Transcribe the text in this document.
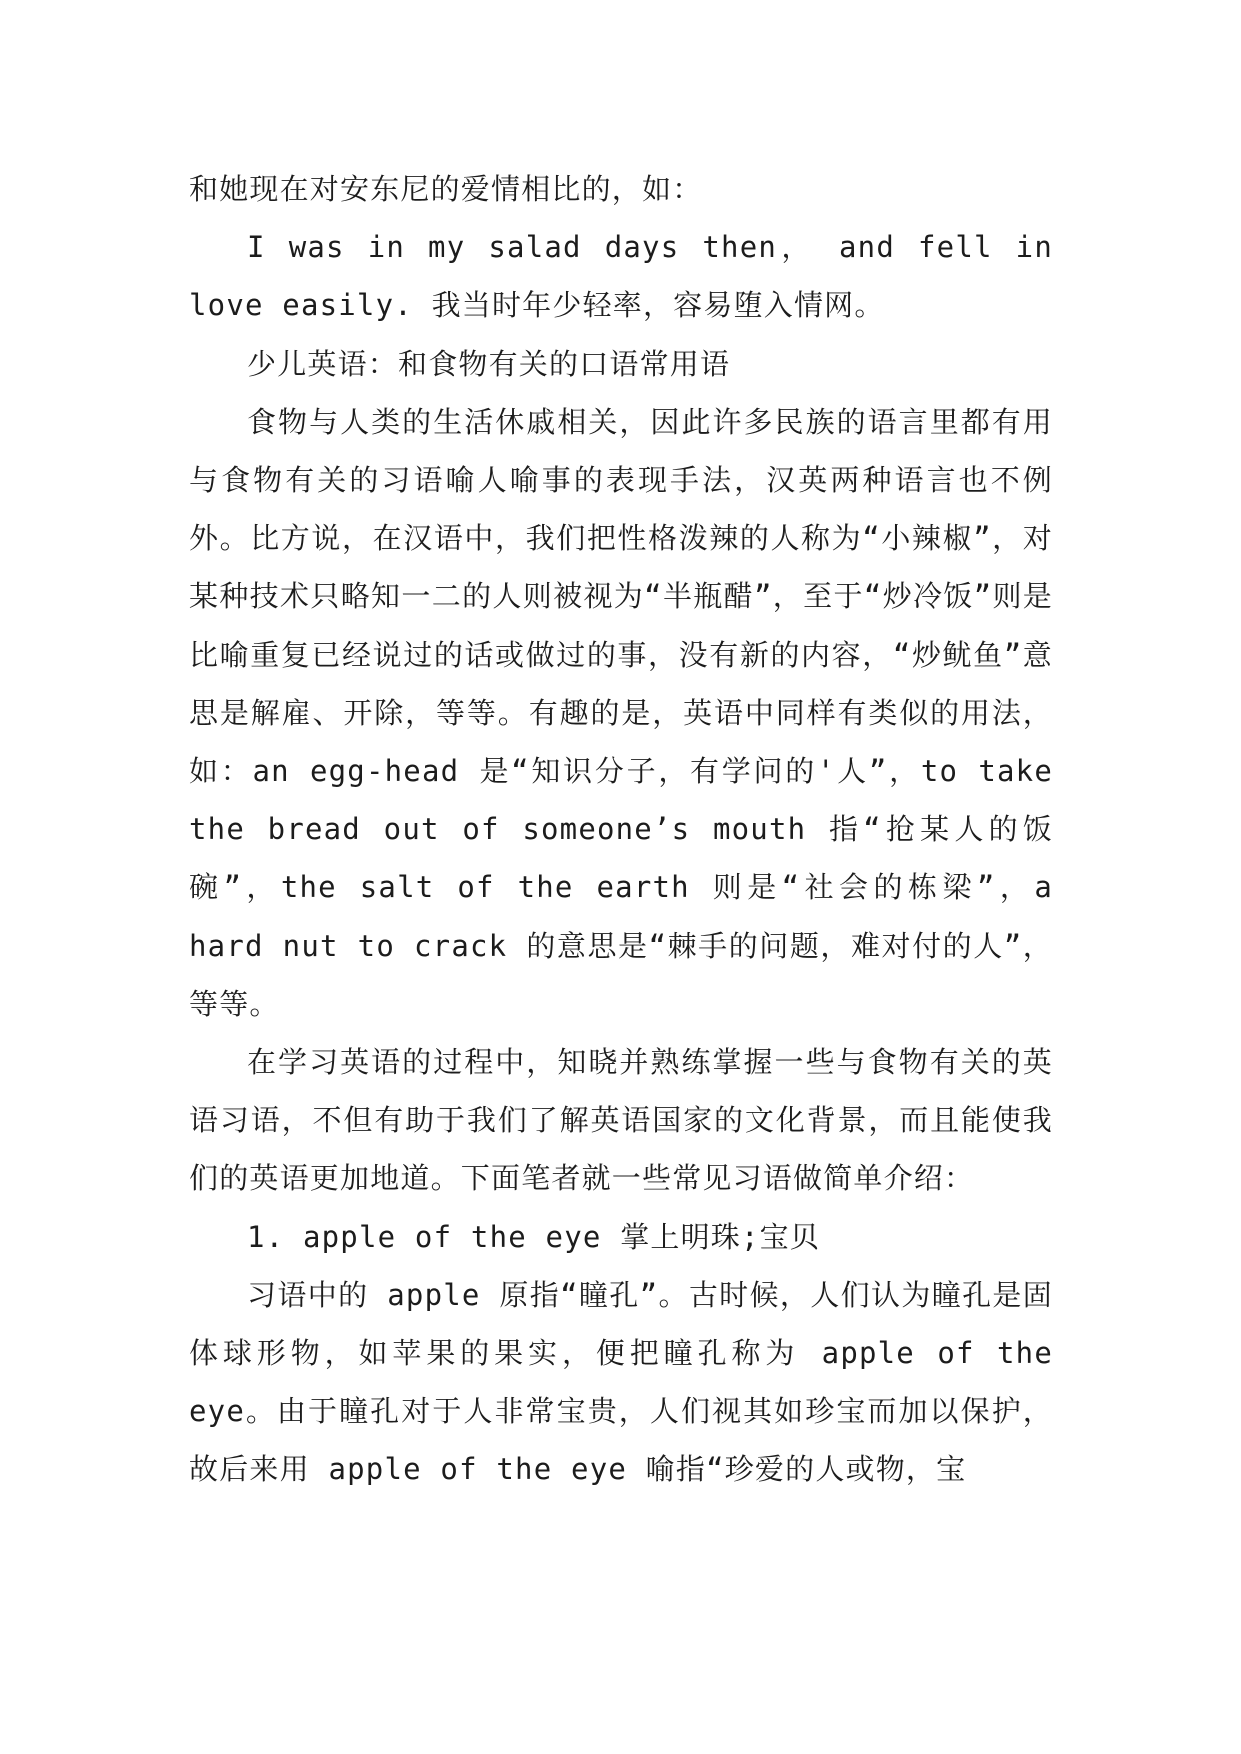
和她现在对安东尼的爱情相比的，如：

I was in my salad days then， and fell in love easily. 我当时年少轻率，容易堕入情网。

少儿英语：和食物有关的口语常用语

食物与人类的生活休戚相关，因此许多民族的语言里都有用与食物有关的习语喻人喻事的表现手法，汉英两种语言也不例外。比方说，在汉语中，我们把性格泼辣的人称为“小辣椒”，对某种技术只略知一二的人则被视为“半瓶醋”，至于“炒冷饭”则是比喻重复已经说过的话或做过的事，没有新的内容，“炒鱿鱼”意思是解雇、开除，等等。有趣的是，英语中同样有类似的用法，如：an egg-head 是“知识分子，有学问的'人”，to take the bread out of someone’s mouth 指“抢某人的饭碗”，the salt of the earth 则是“社会的栋梁”，a hard nut to crack 的意思是“棘手的问题，难对付的人”，等等。

在学习英语的过程中，知晓并熟练掌握一些与食物有关的英语习语，不但有助于我们了解英语国家的文化背景，而且能使我们的英语更加地道。下面笔者就一些常见习语做简单介绍：

1. apple of the eye 掌上明珠;宝贝

习语中的 apple 原指“瞳孔”。古时候，人们认为瞳孔是固体球形物，如苹果的果实，便把瞳孔称为 apple of the eye。由于瞳孔对于人非常宝贵，人们视其如珍宝而加以保护，故后来用 apple of the eye 喻指“珍爱的人或物，宝
